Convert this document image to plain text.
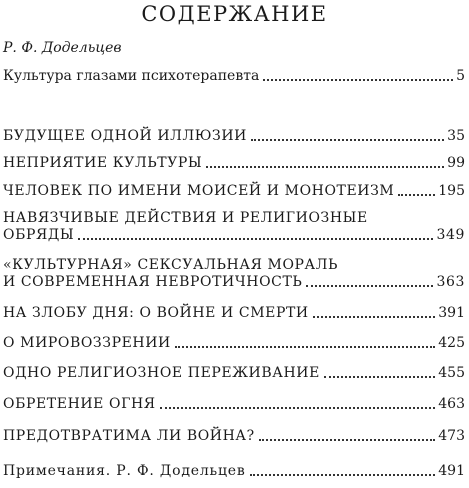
СОДЕРЖАНИЕ
Р. Ф. Додельцев
Культура глазами психотерапевта	5
БУДУЩЕЕ ОДНОЙ ИЛЛЮЗИИ	35
НЕПРИЯТИЕ КУЛЬТУРЫ	99
ЧЕЛОВЕК ПО ИМЕНИ МОИСЕЙ И МОНОТЕИЗМ	195
НАВЯЗЧИВЫЕ ДЕЙСТВИЯ И РЕЛИГИОЗНЫЕ
ОБРЯДЫ	349
«КУЛЬТУРНАЯ» СЕКСУАЛЬНАЯ МОРАЛЬ
И СОВРЕМЕННАЯ НЕВРОТИЧНОСТЬ	363
НА ЗЛОБУ ДНЯ: О ВОЙНЕ И СМЕРТИ	391
О МИРОВОЗЗРЕНИИ	425
ОДНО РЕЛИГИОЗНОЕ ПЕРЕЖИВАНИЕ	455
ОБРЕТЕНИЕ ОГНЯ	463
ПРЕДОТВРАТИМА ЛИ ВОЙНА?	473
Примечания. Р. Ф. Додельцев	491
